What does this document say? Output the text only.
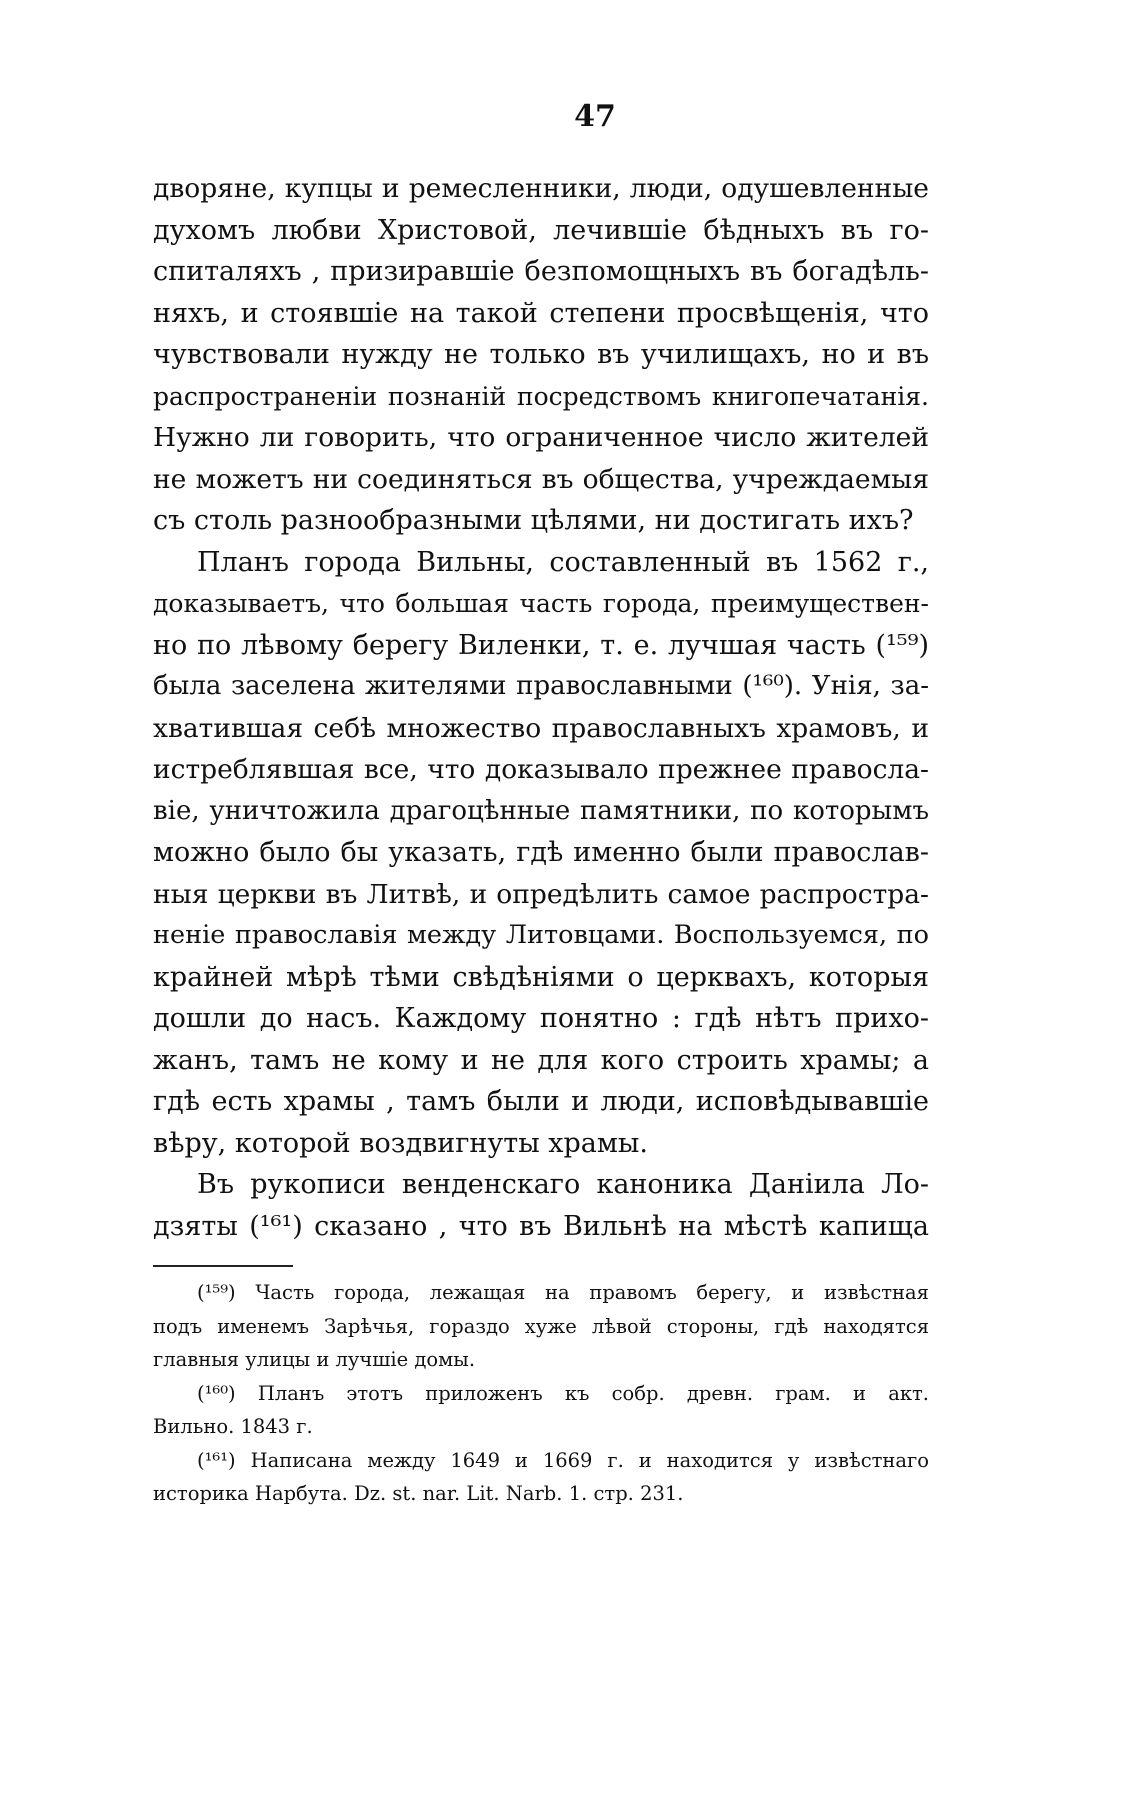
47
дворяне, купцы и ремесленники, люди, одушевленные
духомъ любви Христовой, лечившіе бѣдныхъ въ го-
спиталяхъ , призиравшіе безпомощныхъ въ богадѣль-
няхъ, и стоявшіе на такой степени просвѣщенія, что
чувствовали нужду не только въ училищахъ, но и въ
распространеніи познаній посредствомъ книгопечатанія.
Нужно ли говорить, что ограниченное число жителей
не можетъ ни соединяться въ общества, учреждаемыя
съ столь разнообразными цѣлями, ни достигать ихъ?
Планъ города Вильны, составленный въ 1562 г.,
доказываетъ, что большая часть города, преимуществен-
но по лѣвому берегу Виленки, т. е. лучшая часть (¹⁵⁹)
была заселена жителями православными (¹⁶⁰). Унія, за-
хватившая себѣ множество православныхъ храмовъ, и
истреблявшая все, что доказывало прежнее правосла-
віе, уничтожила драгоцѣнные памятники, по которымъ
можно было бы указать, гдѣ именно были православ-
ныя церкви въ Литвѣ, и опредѣлить самое распростра-
неніе православія между Литовцами. Воспользуемся, по
крайней мѣрѣ тѣми свѣдѣніями о церквахъ, которыя
дошли до насъ. Каждому понятно : гдѣ нѣтъ прихо-
жанъ, тамъ не кому и не для кого строить храмы; а
гдѣ есть храмы , тамъ были и люди, исповѣдывавшіе
вѣру, которой воздвигнуты храмы.
Въ рукописи венденскаго каноника Даніила Ло-
дзяты (¹⁶¹) сказано , что въ Вильнѣ на мѣстѣ капища
(¹⁵⁹) Часть города, лежащая на правомъ берегу, и извѣстная
подъ именемъ Зарѣчья, гораздо хуже лѣвой стороны, гдѣ находятся
главныя улицы и лучшіе домы.
(¹⁶⁰) Планъ этотъ приложенъ къ собр. древн. грам. и акт.
Вильно. 1843 г.
(¹⁶¹) Написана между 1649 и 1669 г. и находится у извѣстнаго
историка Нарбута. Dz. st. nar. Lit. Narb. 1. стр. 231.
